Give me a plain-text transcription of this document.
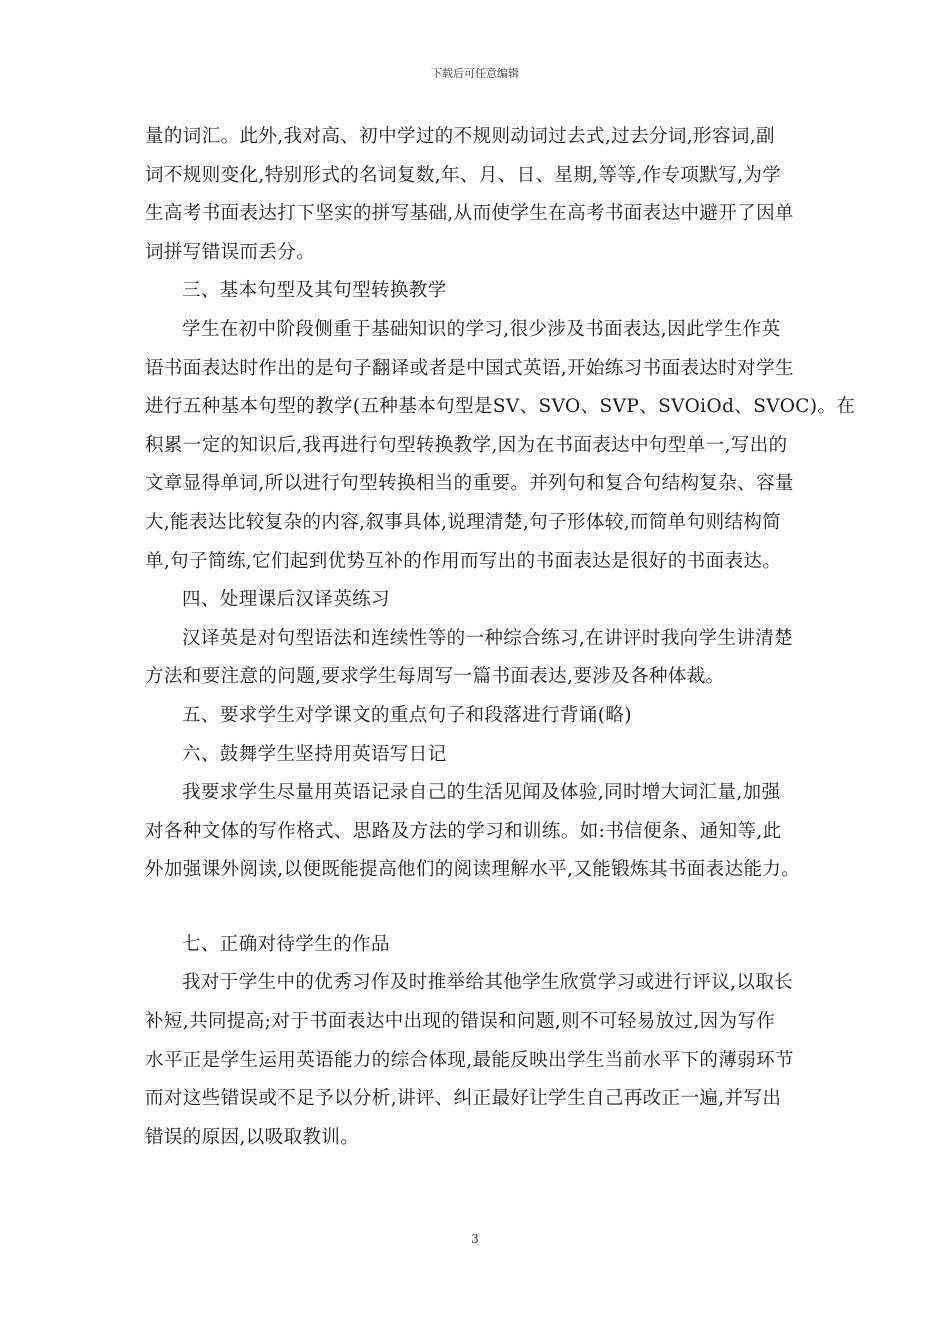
下载后可任意编辑

量的词汇。此外,我对高、初中学过的不规则动词过去式,过去分词,形容词,副

词不规则变化,特别形式的名词复数,年、月、日、星期,等等,作专项默写,为学

生高考书面表达打下坚实的拼写基础,从而使学生在高考书面表达中避开了因单

词拼写错误而丢分。

三、基本句型及其句型转换教学

学生在初中阶段侧重于基础知识的学习,很少涉及书面表达,因此学生作英

语书面表达时作出的是句子翻译或者是中国式英语,开始练习书面表达时对学生

进行五种基本句型的教学(五种基本句型是SV、SVO、SVP、SVOiOd、SVOC)。在

积累一定的知识后,我再进行句型转换教学,因为在书面表达中句型单一,写出的

文章显得单词,所以进行句型转换相当的重要。并列句和复合句结构复杂、容量

大,能表达比较复杂的内容,叙事具体,说理清楚,句子形体较,而简单句则结构简

单,句子简练,它们起到优势互补的作用而写出的书面表达是很好的书面表达。

四、处理课后汉译英练习

汉译英是对句型语法和连续性等的一种综合练习,在讲评时我向学生讲清楚

方法和要注意的问题,要求学生每周写一篇书面表达,要涉及各种体裁。

五、要求学生对学课文的重点句子和段落进行背诵(略)

六、鼓舞学生坚持用英语写日记

我要求学生尽量用英语记录自己的生活见闻及体验,同时增大词汇量,加强

对各种文体的写作格式、思路及方法的学习和训练。如:书信便条、通知等,此

外加强课外阅读,以便既能提高他们的阅读理解水平,又能锻炼其书面表达能力。

七、正确对待学生的作品

我对于学生中的优秀习作及时推举给其他学生欣赏学习或进行评议,以取长

补短,共同提高;对于书面表达中出现的错误和问题,则不可轻易放过,因为写作

水平正是学生运用英语能力的综合体现,最能反映出学生当前水平下的薄弱环节

而对这些错误或不足予以分析,讲评、纠正最好让学生自己再改正一遍,并写出

错误的原因,以吸取教训。

3
